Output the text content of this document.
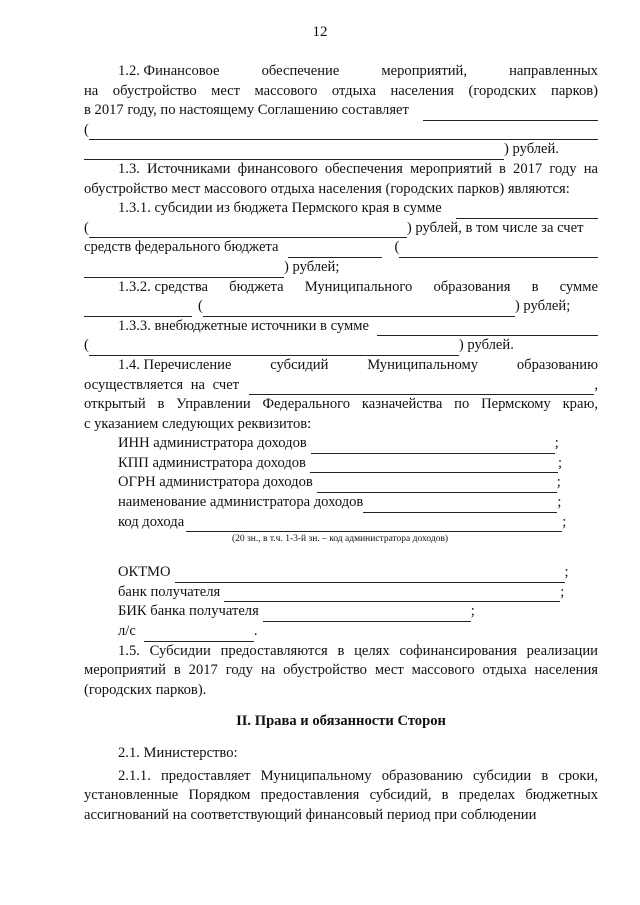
12
1.2.
Финансовое	обеспечение	мероприятий,	направленных

на обустройство мест массового отдыха населения (городских парков)

в 2017 году, по настоящему Соглашению составляет
(
) рублей.

1.3. Источниками финансового обеспечения мероприятий в 2017 году на обустройство мест массового отдыха населения (городских парков) являются:

1.3.1. субсидии из бюджета Пермского края в сумме
(	) рублей, в том числе за счет
средств федерального бюджета	(
) рублей;
1.3.2.
средства бюджета Муниципального образования в сумме
(	) рублей;
1.3.3. внебюджетные источники в сумме
(	) рублей.
1.4.
Перечисление	субсидий	Муниципальному	образованию
осуществляется на счет	,

открытый в Управлении Федерального казначейства по Пермскому краю,

с указанием следующих реквизитов:

ИНН администратора доходов	;
КПП администратора доходов	;
ОГРН администратора доходов	;
наименование администратора доходов	;
код дохода	;
(20 зн., в т.ч. 1-3-й зн. – код администратора доходов)
ОКТМО	;
банк получателя	;
БИК банка получателя	;
л/с	.

1.5. Субсидии предоставляются в целях софинансирования реализации мероприятий в 2017 году на обустройство мест массового отдыха населения (городских парков).

II. Права и обязанности Сторон

2.1. Министерство:

2.1.1. предоставляет Муниципальному образованию субсидии в сроки, установленные Порядком предоставления субсидий, в пределах бюджетных ассигнований на соответствующий финансовый период при соблюдении
